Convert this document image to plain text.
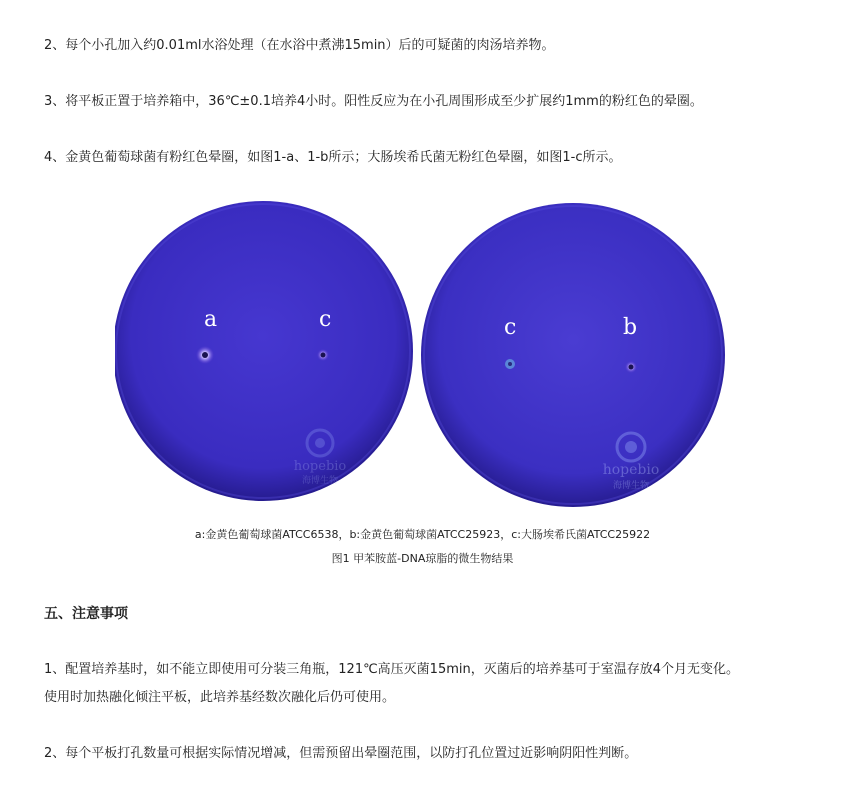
2、每个小孔加入约0.01ml水浴处理（在水浴中煮沸15min）后的可疑菌的肉汤培养物。

3、将平板正置于培养箱中，36℃±0.1培养4小时。阳性反应为在小孔周围形成至少扩展约1mm的粉红色的晕圈。

4、金黄色葡萄球菌有粉红色晕圈，如图1-a、1-b所示；大肠埃希氏菌无粉红色晕圈，如图1-c所示。

a	c	c	b
hopebio
海博生物
hopebio
海博生物

a:金黄色葡萄球菌ATCC6538，b:金黄色葡萄球菌ATCC25923，c:大肠埃希氏菌ATCC25922

图1 甲苯胺蓝-DNA琼脂的微生物结果

五、注意事项

1、配置培养基时，如不能立即使用可分装三角瓶，121℃高压灭菌15min，灭菌后的培养基可于室温存放4个月无变化。

使用时加热融化倾注平板，此培养基经数次融化后仍可使用。

2、每个平板打孔数量可根据实际情况增减，但需预留出晕圈范围，以防打孔位置过近影响阴阳性判断。
